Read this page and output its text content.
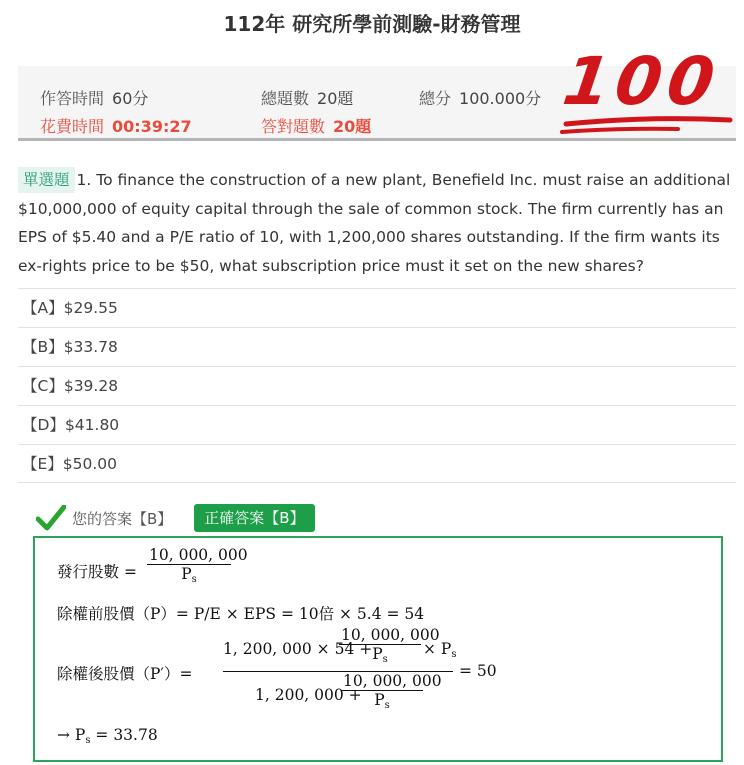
112年 研究所學前測驗-財務管理
作答時間 60分	總題數 20題	總分 100.000分
花費時間 00:39:27	答對題數 20題
100
單選題 1. To finance the construction of a new plant, Benefield Inc. must raise an additional $10,000,000 of equity capital through the sale of common stock. The firm currently has an EPS of $5.40 and a P/E ratio of 10, with 1,200,000 shares outstanding. If the firm wants its ex-rights price to be $50, what subscription price must it set on the new shares?
【A】$29.55
【B】$33.78
【C】$39.28
【D】$41.80
【E】$50.00
您的答案【B】	正確答案【B】
發行股數 =
10, 000, 000
$P_s$
除權前股價（P）= P/E × EPS = 10倍 × 5.4 = 54
除權後股價（P′）=
1, 200, 000 × 54 +
10, 000, 000
$P_s$
× $P_s$
1, 200, 000 +
10, 000, 000
$P_s$
= 50
→ $P_s = 33.78$
